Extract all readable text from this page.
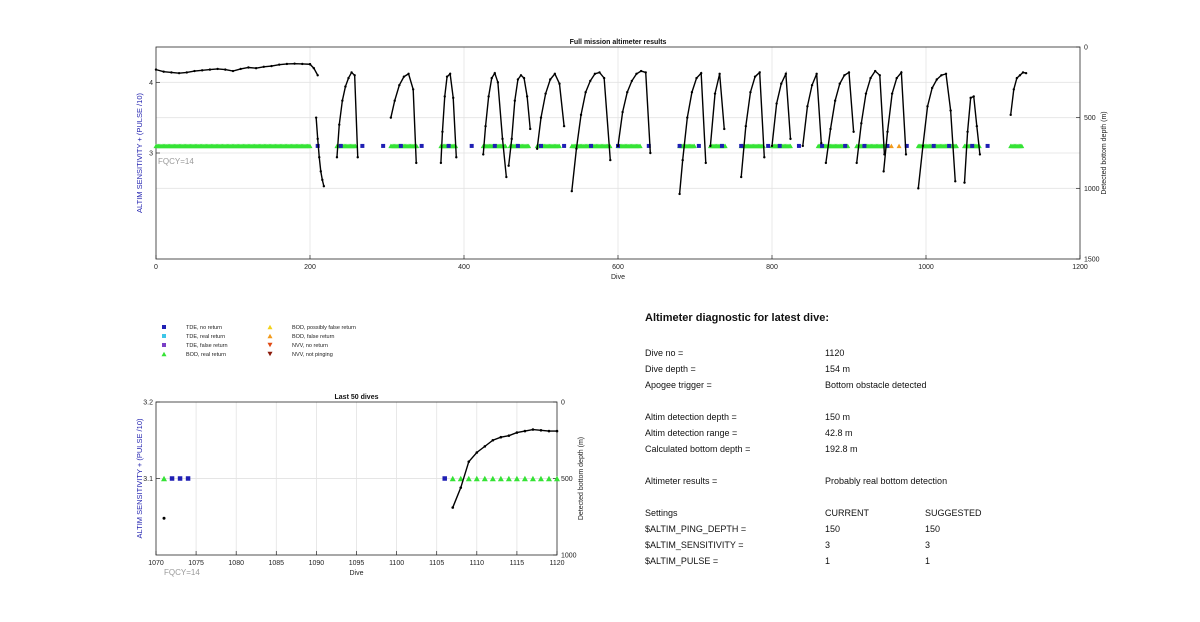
0	200	400	600	800	1000	1200
3
4
0
500
1000
1500
Full mission altimeter results
Dive
ALTIM SENSITIVITY + (PULSE /10)	Detected bottom depth (m)
FQCY=14
TDE, no return
TDE, real return
TDE, false return
BOD, real return
BOD, possibly false return
BOD, false return
NVV, no return
NVV, not pinging
1070	1075	1080	1085	1090	1095	1100	1105	1110	1115	1120
3.1
3.2	0
500
1000
Last 50 dives
Dive
ALTIM SENSITIVITY + (PULSE /10)	Detected bottom depth (m)
FQCY=14
Altimeter diagnostic for latest dive:
Dive no =	1120
Dive depth =	154 m
Apogee trigger =	Bottom obstacle detected
Altim detection depth =	150 m
Altim detection range =	42.8 m
Calculated bottom depth =	192.8 m
Altimeter results =	Probably real bottom detection
Settings	CURRENT	SUGGESTED
$ALTIM_PING_DEPTH =	150	150
$ALTIM_SENSITIVITY =	3	3
$ALTIM_PULSE =	1	1
